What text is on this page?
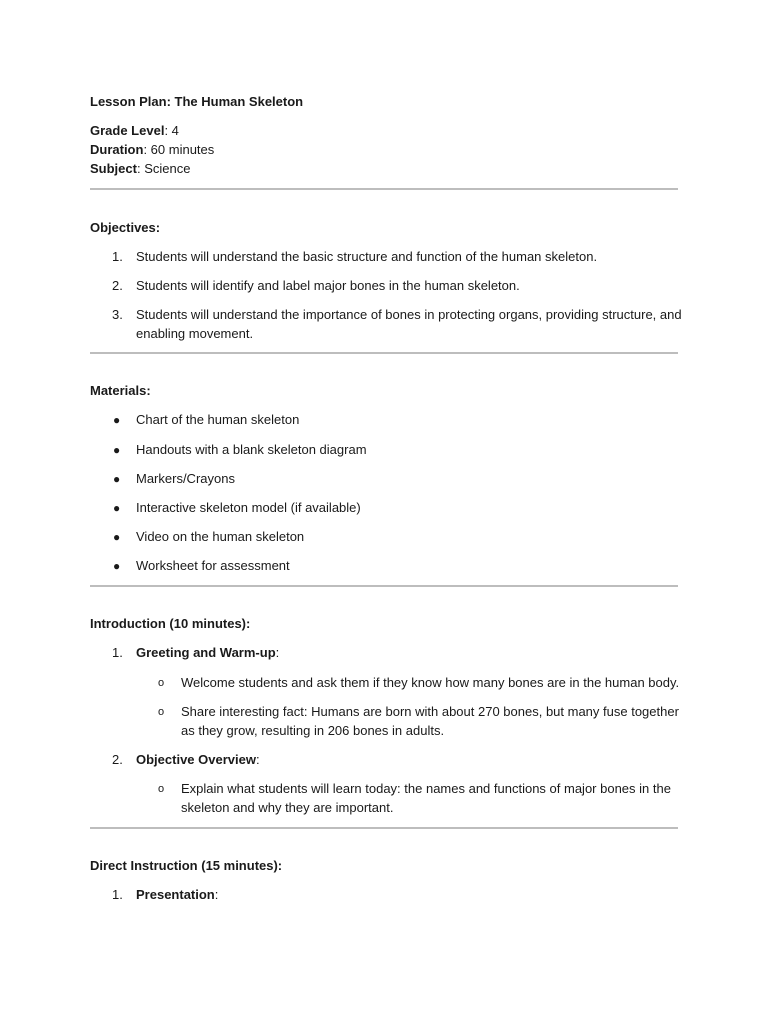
Lesson Plan: The Human Skeleton
Grade Level: 4
Duration: 60 minutes
Subject: Science
Objectives:
1. Students will understand the basic structure and function of the human skeleton.
2. Students will identify and label major bones in the human skeleton.
3. Students will understand the importance of bones in protecting organs, providing structure, and
enabling movement.
Materials:
● Chart of the human skeleton
● Handouts with a blank skeleton diagram
● Markers/Crayons
● Interactive skeleton model (if available)
● Video on the human skeleton
● Worksheet for assessment
Introduction (10 minutes):
1. Greeting and Warm-up:
o Welcome students and ask them if they know how many bones are in the human body.
o Share interesting fact: Humans are born with about 270 bones, but many fuse together
as they grow, resulting in 206 bones in adults.
2. Objective Overview:
o Explain what students will learn today: the names and functions of major bones in the
skeleton and why they are important.
Direct Instruction (15 minutes):
1. Presentation:
